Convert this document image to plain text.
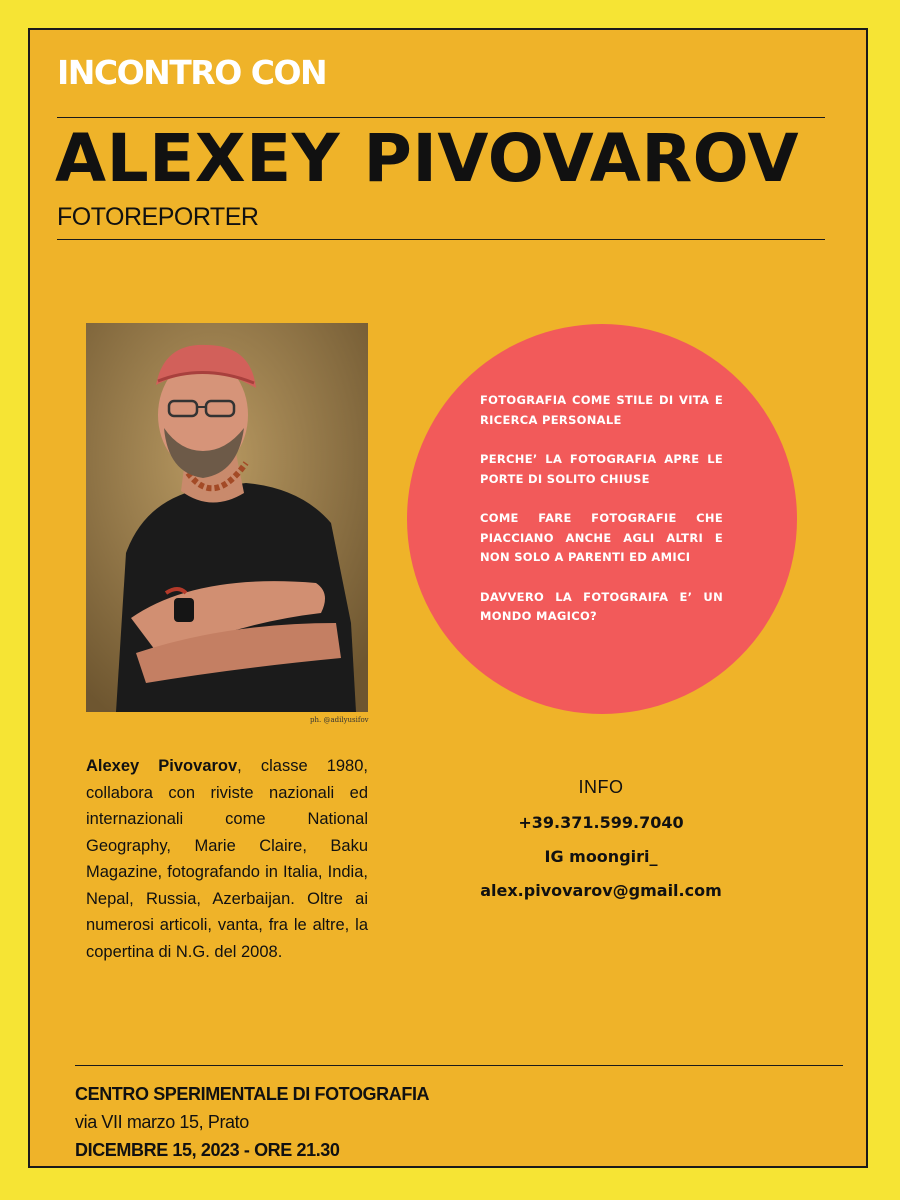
INCONTRO CON
ALEXEY PIVOVAROV
FOTOREPORTER
ph. @adilyusifov
FOTOGRAFIA COME STILE DI VITA E RICERCA PERSONALE
PERCHE’ LA FOTOGRAFIA APRE LE PORTE DI SOLITO CHIUSE
COME FARE FOTOGRAFIE CHE PIACCIANO ANCHE AGLI ALTRI E NON SOLO A PARENTI ED AMICI
DAVVERO LA FOTOGRAIFA E’ UN MONDO MAGICO?

Alexey Pivovarov, classe 1980, collabora con riviste nazionali ed internazionali come National Geography, Marie Claire, Baku Magazine, fotografando in Italia, India, Nepal, Russia, Azerbaijan. Oltre ai numerosi articoli, vanta, fra le altre, la copertina di N.G. del 2008.

INFO
+39.371.599.7040
IG moongiri_
alex.pivovarov@gmail.com
CENTRO SPERIMENTALE DI FOTOGRAFIA
via VII marzo 15, Prato
DICEMBRE 15, 2023 - ORE 21.30
